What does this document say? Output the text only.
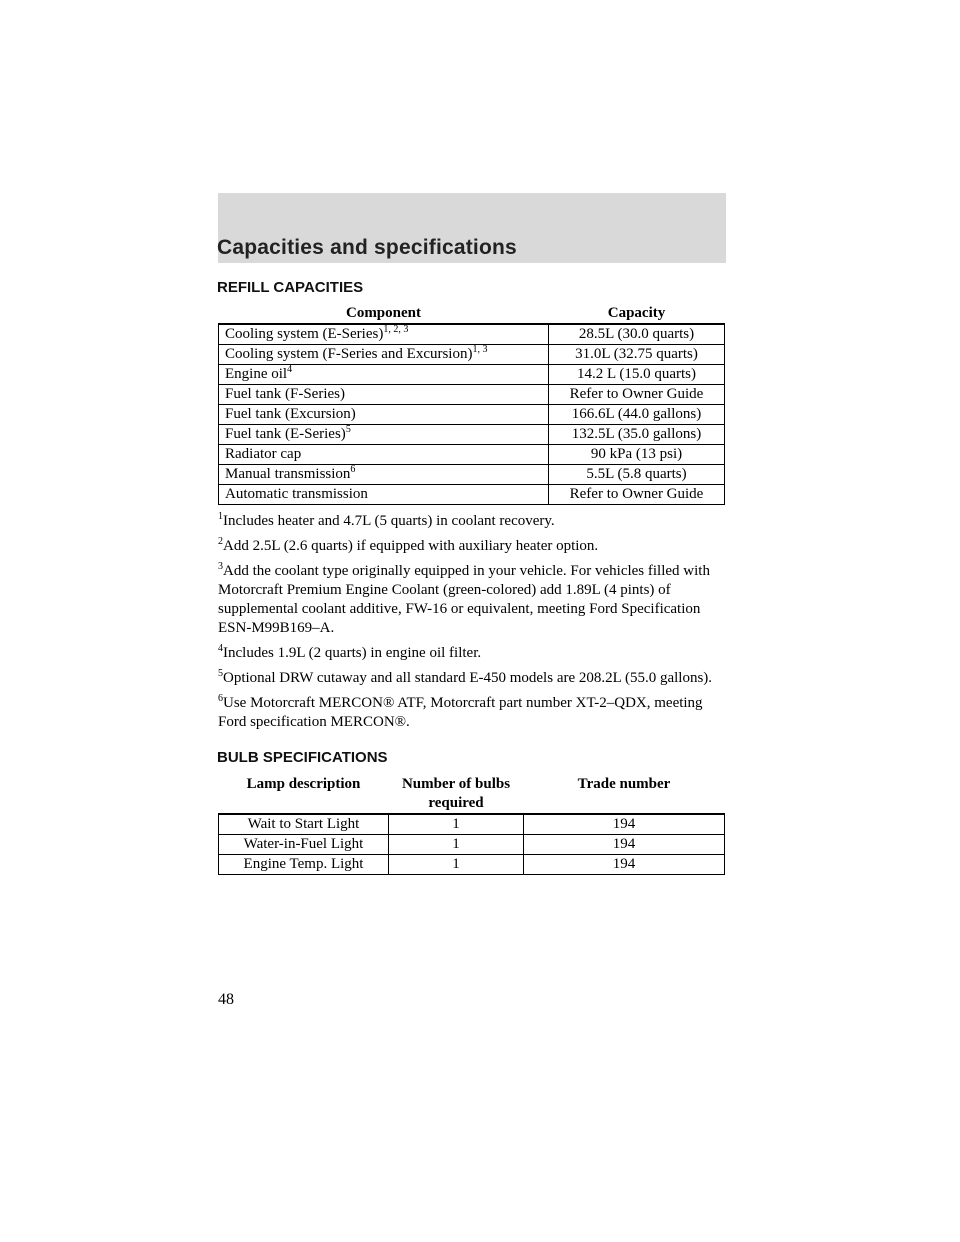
Capacities and specifications
REFILL CAPACITIES
Component	Capacity
Cooling system (E-Series)$^{1, 2, 3}$	28.5L (30.0 quarts)
Cooling system (F-Series and Excursion)$^{1, 3}$	31.0L (32.75 quarts)
Engine oil$^4$	14.2 L (15.0 quarts)
Fuel tank (F-Series)	Refer to Owner Guide
Fuel tank (Excursion)	166.6L (44.0 gallons)
Fuel tank (E-Series)$^5$	132.5L (35.0 gallons)
Radiator cap	90 kPa (13 psi)
Manual transmission$^6$	5.5L (5.8 quarts)
Automatic transmission	Refer to Owner Guide
$^1$Includes heater and 4.7L (5 quarts) in coolant recovery.
$^2$Add 2.5L (2.6 quarts) if equipped with auxiliary heater option.
$^3$Add the coolant type originally equipped in your vehicle. For vehicles filled with Motorcraft Premium Engine Coolant (green-colored) add 1.89L (4 pints) of supplemental coolant additive, FW-16 or equivalent, meeting Ford Specification ESN-M99B169–A.
$^4$Includes 1.9L (2 quarts) in engine oil filter.
$^5$Optional DRW cutaway and all standard E-450 models are 208.2L (55.0 gallons).
$^6$Use Motorcraft MERCON® ATF, Motorcraft part number XT-2–QDX, meeting Ford specification MERCON®.
BULB SPECIFICATIONS
Lamp description	Number of bulbs required	Trade number
Wait to Start Light	1	194
Water-in-Fuel Light	1	194
Engine Temp. Light	1	194
48
